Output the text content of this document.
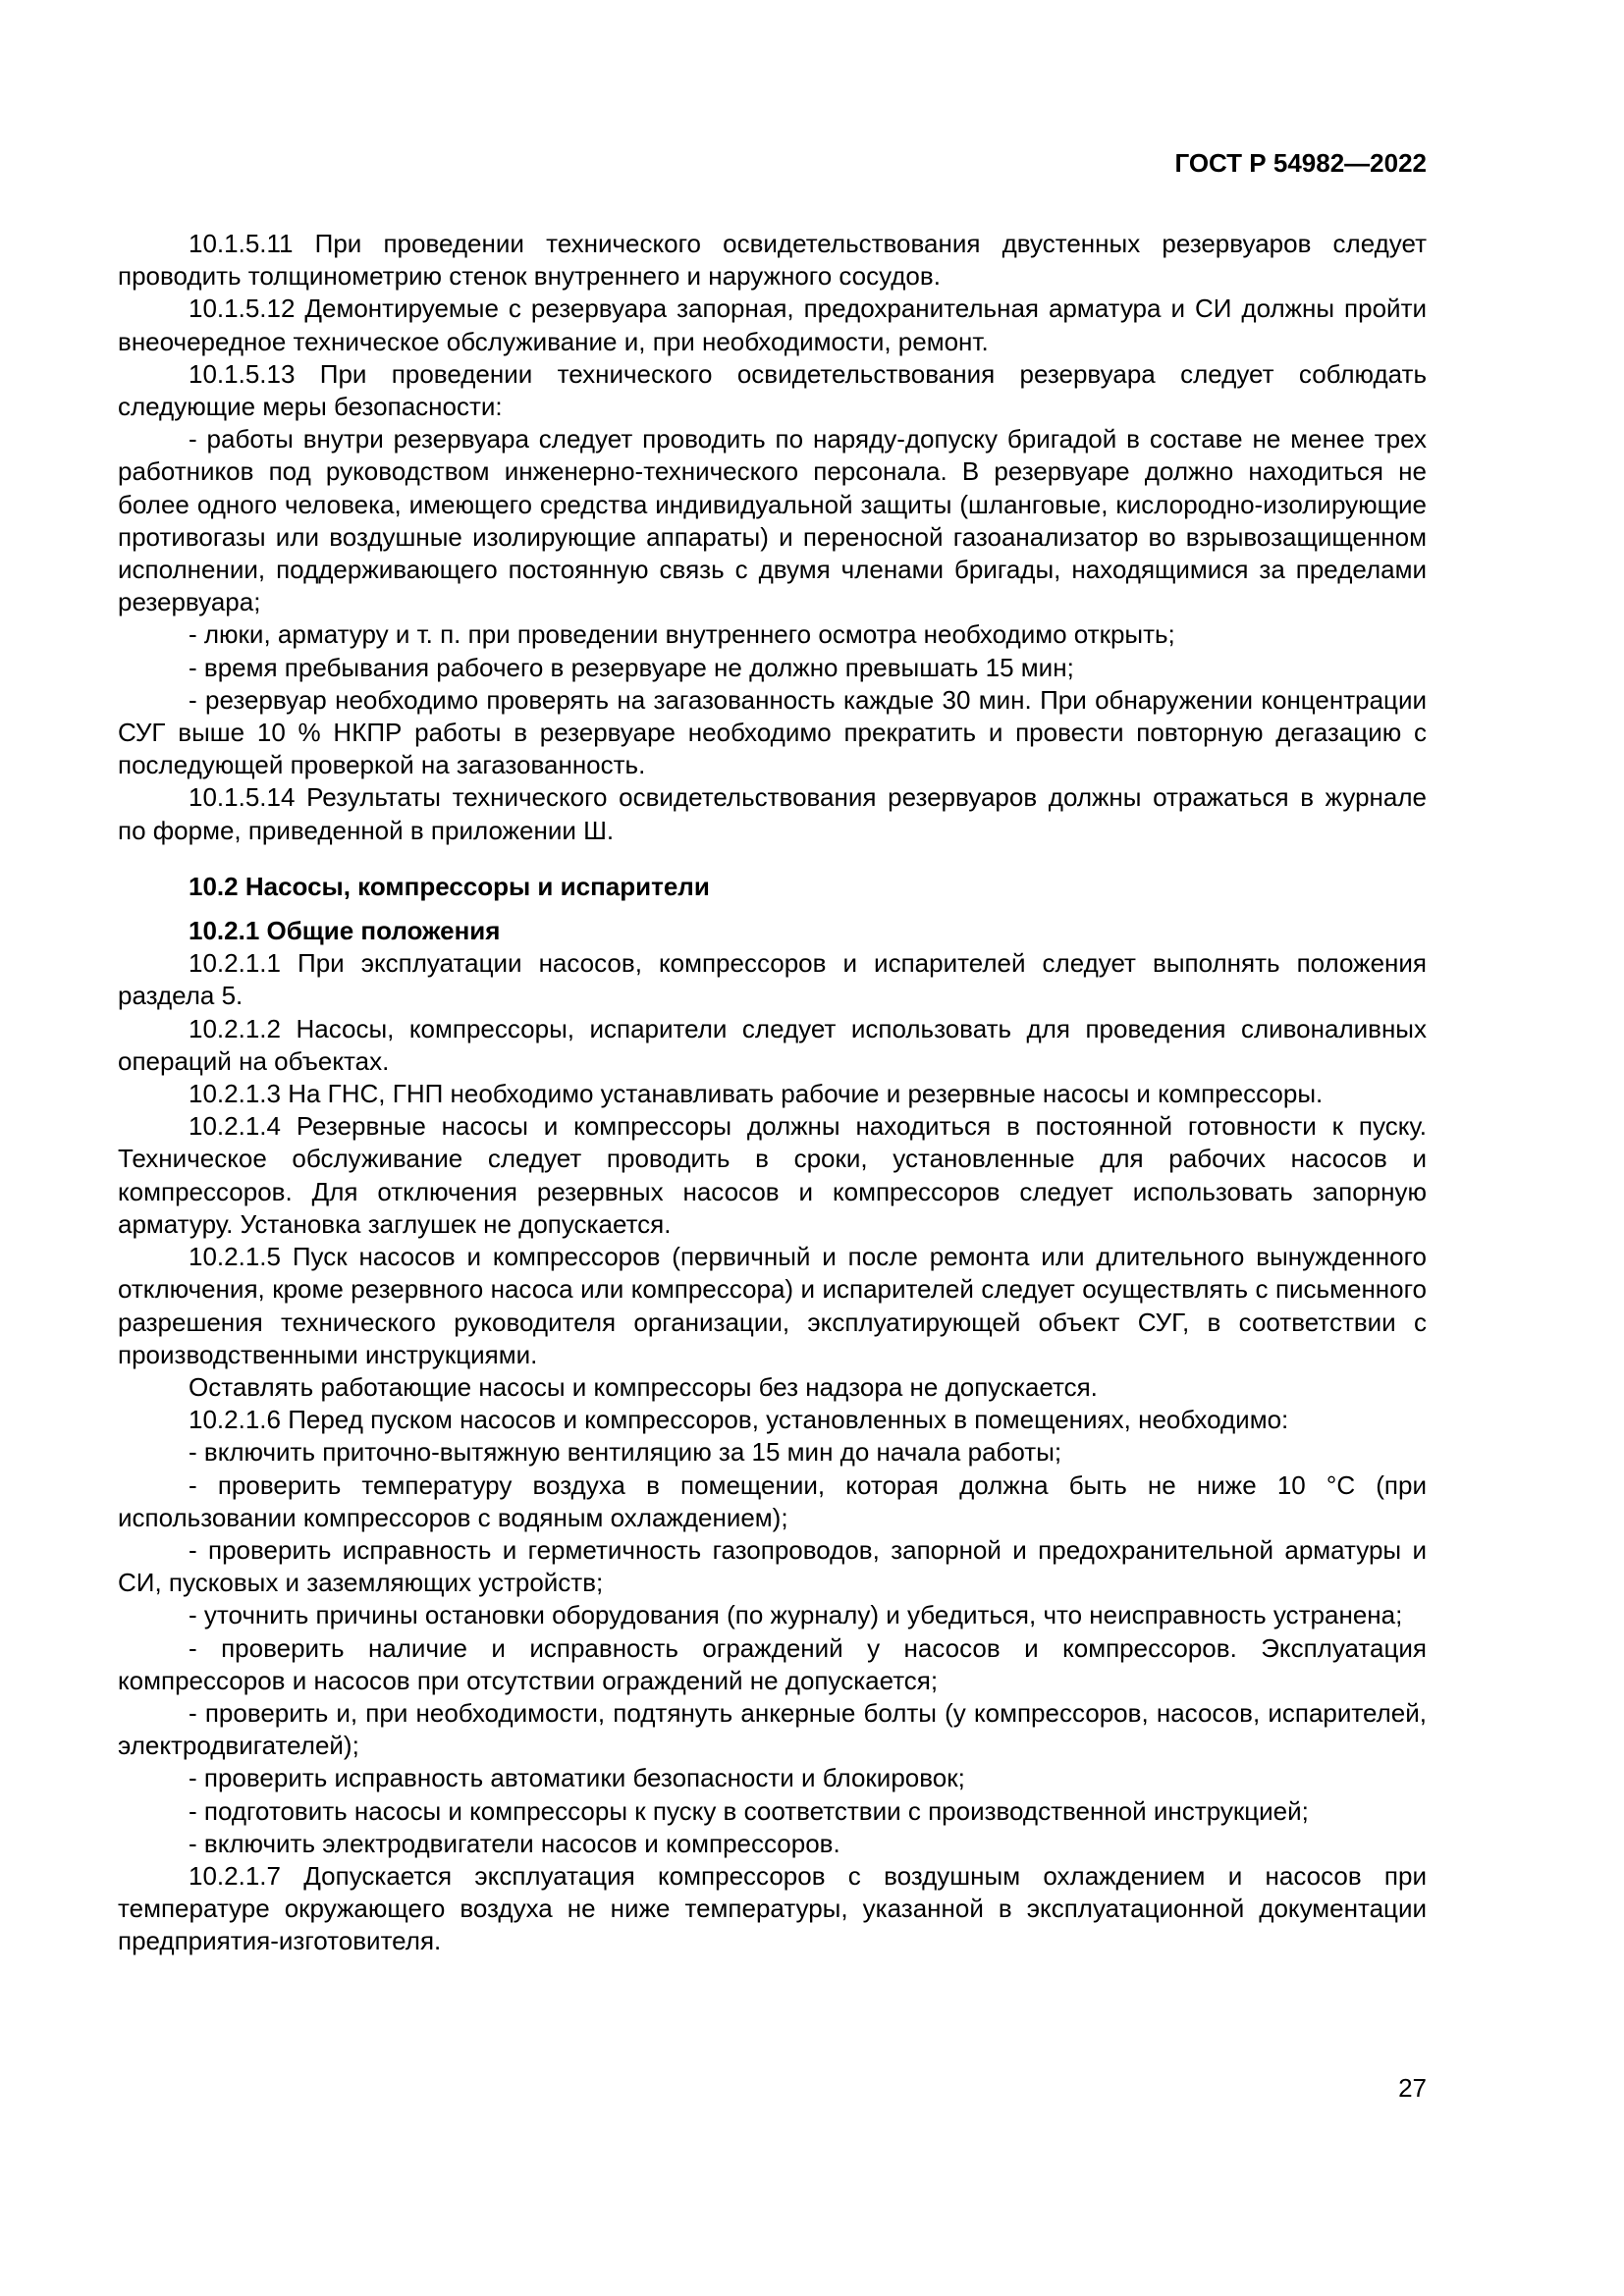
ГОСТ Р 54982—2022

10.1.5.11 При проведении технического освидетельствования двустенных резервуаров следует проводить толщинометрию стенок внутреннего и наружного сосудов.

10.1.5.12 Демонтируемые с резервуара запорная, предохранительная арматура и СИ должны пройти внеочередное техническое обслуживание и, при необходимости, ремонт.

10.1.5.13 При проведении технического освидетельствования резервуара следует соблюдать следующие меры безопасности:

- работы внутри резервуара следует проводить по наряду-допуску бригадой в составе не менее трех работников под руководством инженерно-технического персонала. В резервуаре должно находиться не более одного человека, имеющего средства индивидуальной защиты (шланговые, кислородно-изолирующие противогазы или воздушные изолирующие аппараты) и переносной газоанализатор во взрывозащищенном исполнении, поддерживающего постоянную связь с двумя членами бригады, находящимися за пределами резервуара;

- люки, арматуру и т. п. при проведении внутреннего осмотра необходимо открыть;

- время пребывания рабочего в резервуаре не должно превышать 15 мин;

- резервуар необходимо проверять на загазованность каждые 30 мин. При обнаружении концентрации СУГ выше 10 % НКПР работы в резервуаре необходимо прекратить и провести повторную дегазацию с последующей проверкой на загазованность.

10.1.5.14 Результаты технического освидетельствования резервуаров должны отражаться в журнале по форме, приведенной в приложении Ш.

10.2 Насосы, компрессоры и испарители

10.2.1 Общие положения

10.2.1.1 При эксплуатации насосов, компрессоров и испарителей следует выполнять положения раздела 5.

10.2.1.2 Насосы, компрессоры, испарители следует использовать для проведения сливоналивных операций на объектах.

10.2.1.3 На ГНС, ГНП необходимо устанавливать рабочие и резервные насосы и компрессоры.

10.2.1.4 Резервные насосы и компрессоры должны находиться в постоянной готовности к пуску. Техническое обслуживание следует проводить в сроки, установленные для рабочих насосов и компрессоров. Для отключения резервных насосов и компрессоров следует использовать запорную арматуру. Установка заглушек не допускается.

10.2.1.5 Пуск насосов и компрессоров (первичный и после ремонта или длительного вынужденного отключения, кроме резервного насоса или компрессора) и испарителей следует осуществлять с письменного разрешения технического руководителя организации, эксплуатирующей объект СУГ, в соответствии с производственными инструкциями.

Оставлять работающие насосы и компрессоры без надзора не допускается.

10.2.1.6 Перед пуском насосов и компрессоров, установленных в помещениях, необходимо:

- включить приточно-вытяжную вентиляцию за 15 мин до начала работы;

- проверить температуру воздуха в помещении, которая должна быть не ниже 10 °С (при использовании компрессоров с водяным охлаждением);

- проверить исправность и герметичность газопроводов, запорной и предохранительной арматуры и СИ, пусковых и заземляющих устройств;

- уточнить причины остановки оборудования (по журналу) и убедиться, что неисправность устранена;

- проверить наличие и исправность ограждений у насосов и компрессоров. Эксплуатация компрессоров и насосов при отсутствии ограждений не допускается;

- проверить и, при необходимости, подтянуть анкерные болты (у компрессоров, насосов, испарителей, электродвигателей);

- проверить исправность автоматики безопасности и блокировок;

- подготовить насосы и компрессоры к пуску в соответствии с производственной инструкцией;

- включить электродвигатели насосов и компрессоров.

10.2.1.7 Допускается эксплуатация компрессоров с воздушным охлаждением и насосов при температуре окружающего воздуха не ниже температуры, указанной в эксплуатационной документации предприятия-изготовителя.

27
